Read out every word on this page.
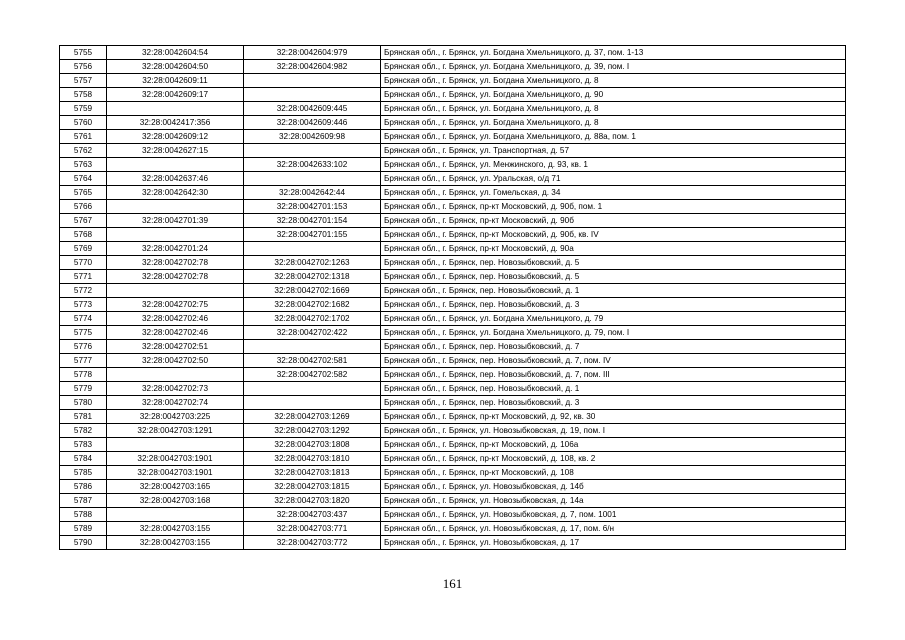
5755	32:28:0042604:54	32:28:0042604:979	Брянская обл., г. Брянск, ул. Богдана Хмельницкого, д. 37, пом. 1-13
5756	32:28:0042604:50	32:28:0042604:982	Брянская обл., г. Брянск, ул. Богдана Хмельницкого, д. 39, пом. I
5757	32:28:0042609:11		Брянская обл., г. Брянск, ул. Богдана Хмельницкого, д. 8
5758	32:28:0042609:17		Брянская обл., г. Брянск, ул. Богдана Хмельницкого, д. 90
5759		32:28:0042609:445	Брянская обл., г. Брянск, ул. Богдана Хмельницкого, д. 8
5760	32:28:0042417:356	32:28:0042609:446	Брянская обл., г. Брянск, ул. Богдана Хмельницкого, д. 8
5761	32:28:0042609:12	32:28:0042609:98	Брянская обл., г. Брянск, ул. Богдана Хмельницкого, д. 88а, пом. 1
5762	32:28:0042627:15		Брянская обл., г. Брянск, ул. Транспортная, д. 57
5763		32:28:0042633:102	Брянская обл., г. Брянск, ул. Менжинского, д. 93, кв. 1
5764	32:28:0042637:46		Брянская обл., г. Брянск, ул. Уральская, о/д 71
5765	32:28:0042642:30	32:28:0042642:44	Брянская обл., г. Брянск, ул. Гомельская, д. 34
5766		32:28:0042701:153	Брянская обл., г. Брянск, пр-кт Московский, д. 90б, пом. 1
5767	32:28:0042701:39	32:28:0042701:154	Брянская обл., г. Брянск, пр-кт Московский, д. 90б
5768		32:28:0042701:155	Брянская обл., г. Брянск, пр-кт Московский, д. 90б, кв. IV
5769	32:28:0042701:24		Брянская обл., г. Брянск, пр-кт Московский, д. 90а
5770	32:28:0042702:78	32:28:0042702:1263	Брянская обл., г. Брянск, пер. Новозыбковский, д. 5
5771	32:28:0042702:78	32:28:0042702:1318	Брянская обл., г. Брянск, пер. Новозыбковский, д. 5
5772		32:28:0042702:1669	Брянская обл., г. Брянск, пер. Новозыбковский, д. 1
5773	32:28:0042702:75	32:28:0042702:1682	Брянская обл., г. Брянск, пер. Новозыбковский, д. 3
5774	32:28:0042702:46	32:28:0042702:1702	Брянская обл., г. Брянск, ул. Богдана Хмельницкого, д. 79
5775	32:28:0042702:46	32:28:0042702:422	Брянская обл., г. Брянск, ул. Богдана Хмельницкого, д. 79, пом. I
5776	32:28:0042702:51		Брянская обл., г. Брянск, пер. Новозыбковский, д. 7
5777	32:28:0042702:50	32:28:0042702:581	Брянская обл., г. Брянск, пер. Новозыбковский, д. 7, пом. IV
5778		32:28:0042702:582	Брянская обл., г. Брянск, пер. Новозыбковский, д. 7, пом. III
5779	32:28:0042702:73		Брянская обл., г. Брянск, пер. Новозыбковский, д. 1
5780	32:28:0042702:74		Брянская обл., г. Брянск, пер. Новозыбковский, д. 3
5781	32:28:0042703:225	32:28:0042703:1269	Брянская обл., г. Брянск, пр-кт Московский, д. 92, кв. 30
5782	32:28:0042703:1291	32:28:0042703:1292	Брянская обл., г. Брянск, ул. Новозыбковская, д. 19, пом. I
5783		32:28:0042703:1808	Брянская обл., г. Брянск, пр-кт Московский, д. 106а
5784	32:28:0042703:1901	32:28:0042703:1810	Брянская обл., г. Брянск, пр-кт Московский, д. 108, кв. 2
5785	32:28:0042703:1901	32:28:0042703:1813	Брянская обл., г. Брянск, пр-кт Московский, д. 108
5786	32:28:0042703:165	32:28:0042703:1815	Брянская обл., г. Брянск, ул. Новозыбковская, д. 14б
5787	32:28:0042703:168	32:28:0042703:1820	Брянская обл., г. Брянск, ул. Новозыбковская, д. 14а
5788		32:28:0042703:437	Брянская обл., г. Брянск, ул. Новозыбковская, д. 7, пом. 1001
5789	32:28:0042703:155	32:28:0042703:771	Брянская обл., г. Брянск, ул. Новозыбковская, д. 17, пом. 6/н
5790	32:28:0042703:155	32:28:0042703:772	Брянская обл., г. Брянск, ул. Новозыбковская, д. 17
161
